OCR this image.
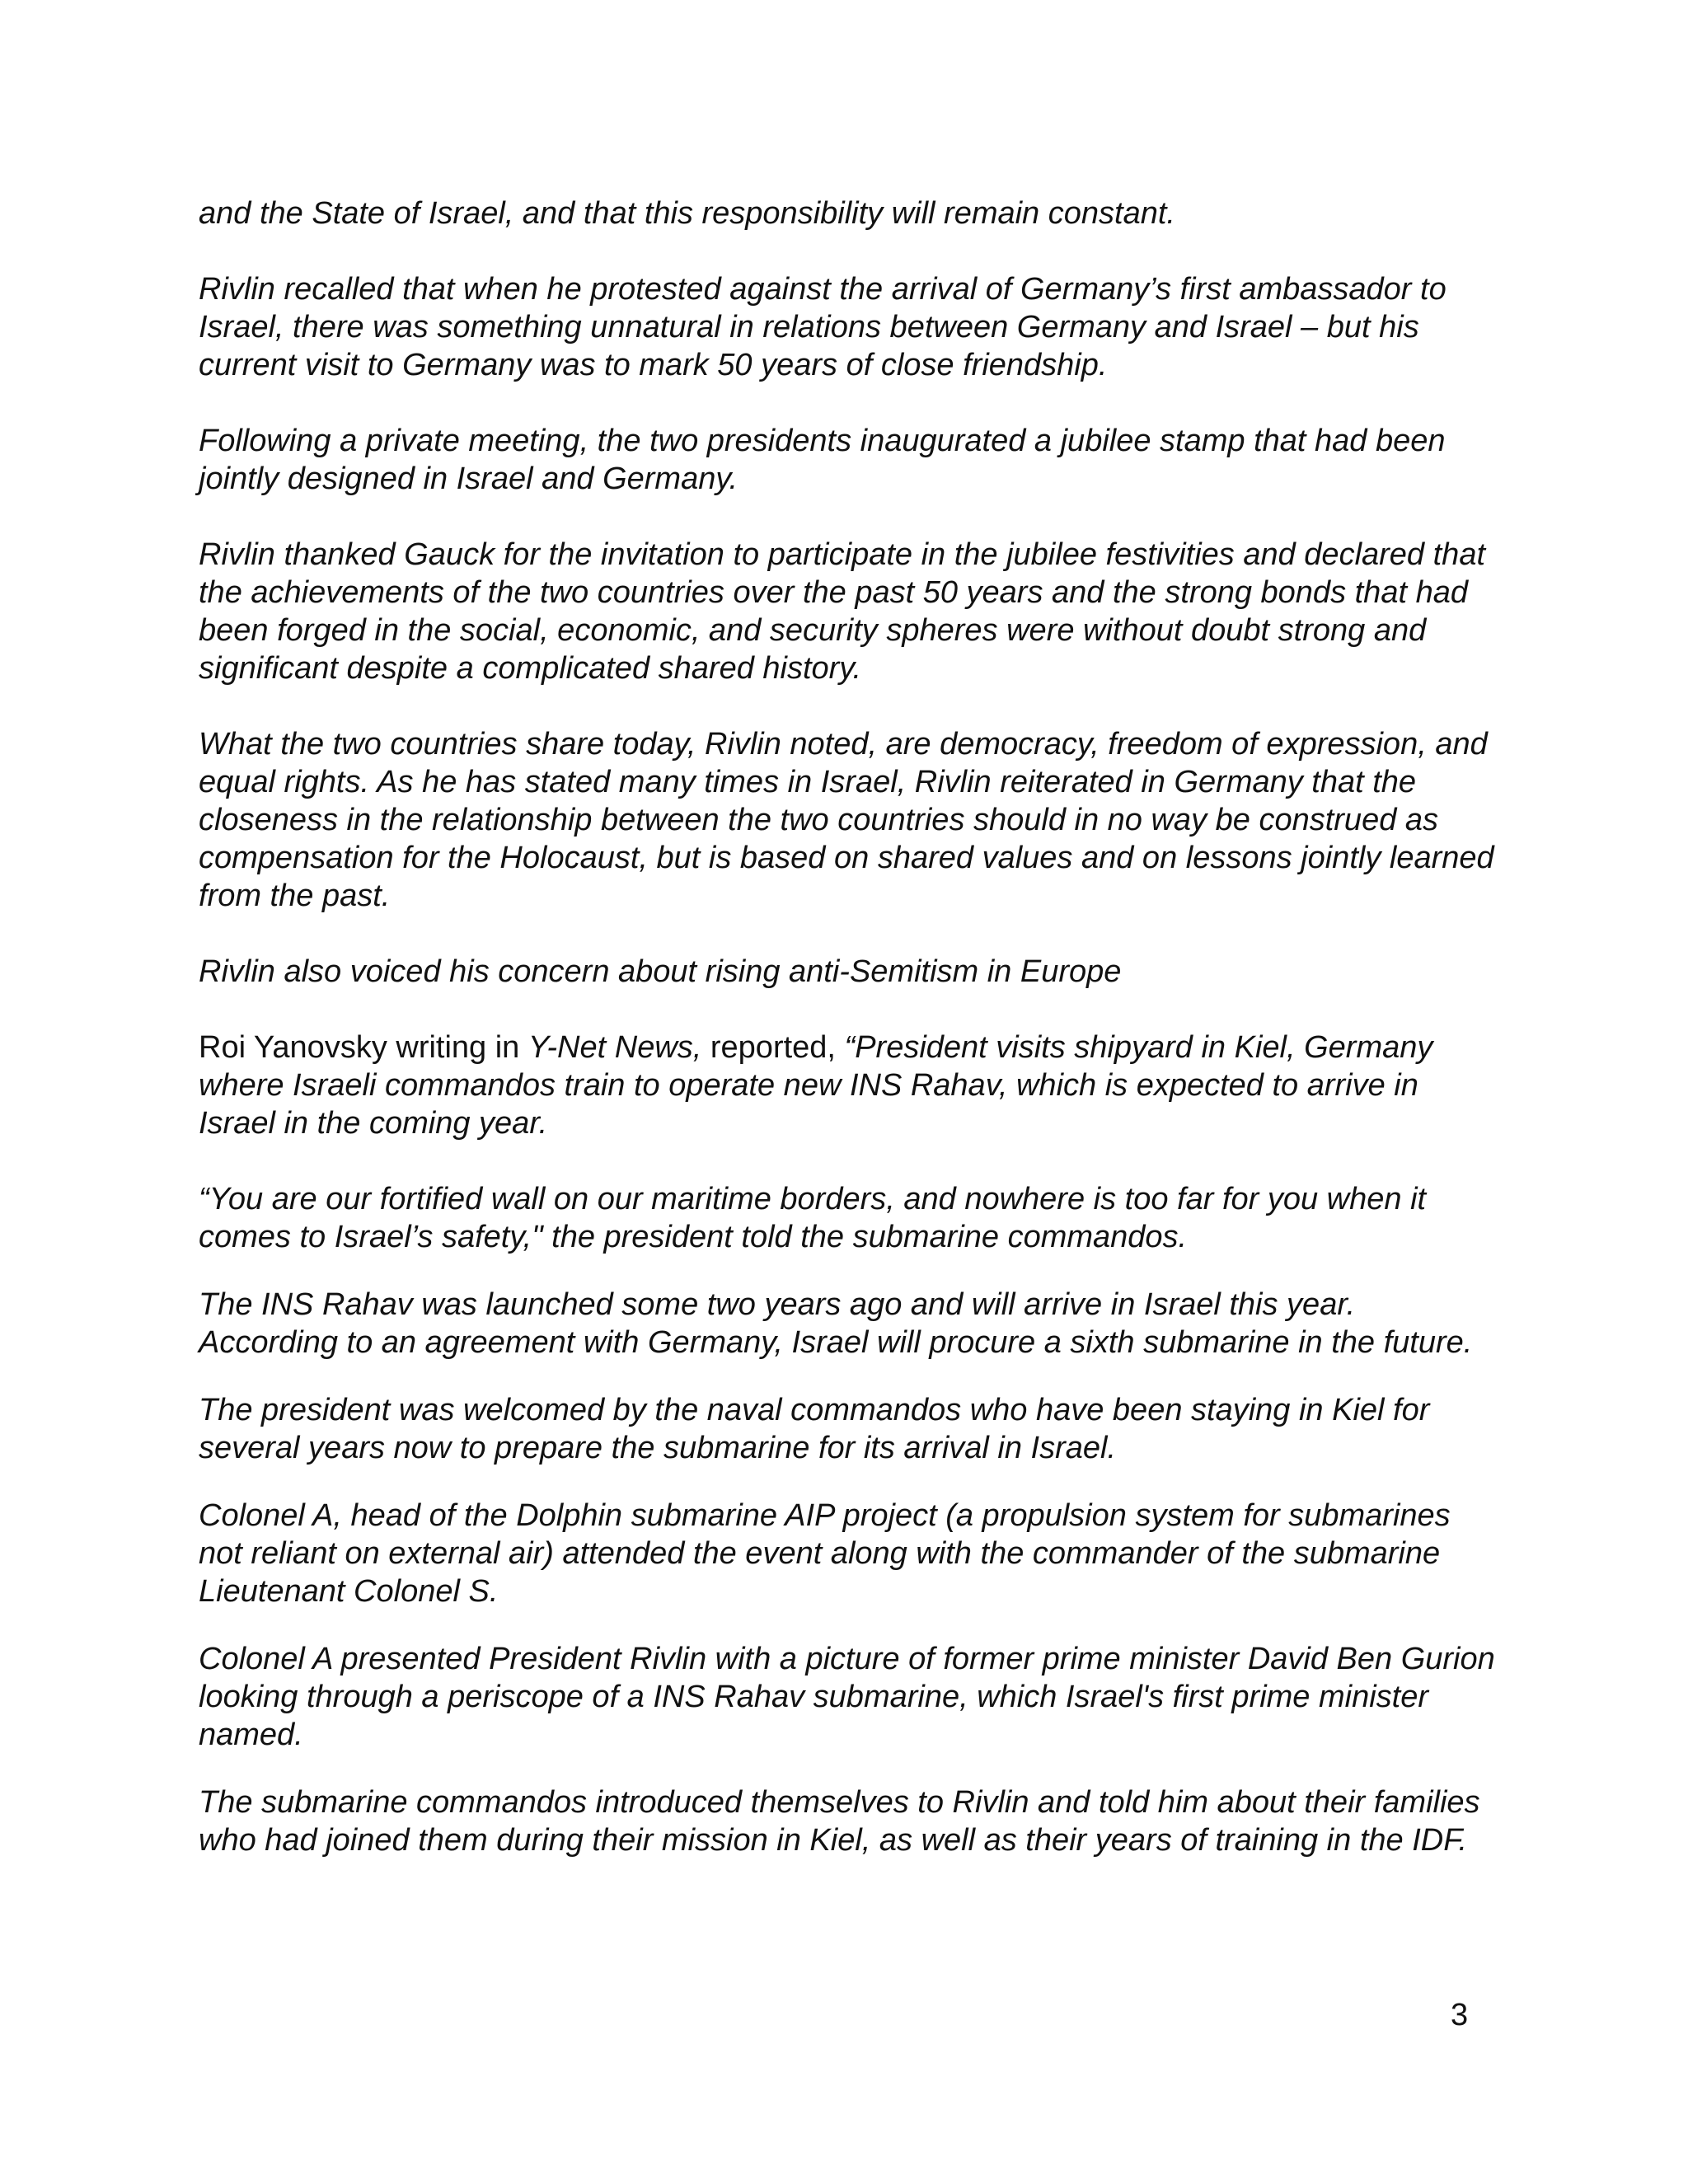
and the State of Israel, and that this responsibility will remain constant.

Rivlin recalled that when he protested against the arrival of Germany’s first ambassador to Israel, there was something unnatural in relations between Germany and Israel – but his current visit to Germany was to mark 50 years of close friendship.

Following a private meeting, the two presidents inaugurated a jubilee stamp that had been jointly designed in Israel and Germany.

Rivlin thanked Gauck for the invitation to participate in the jubilee festivities and declared that the achievements of the two countries over the past 50 years and the strong bonds that had been forged in the social, economic, and security spheres were without doubt strong and significant despite a complicated shared history.

What the two countries share today, Rivlin noted, are democracy, freedom of expression, and equal rights. As he has stated many times in Israel, Rivlin reiterated in Germany that the closeness in the relationship between the two countries should in no way be construed as compensation for the Holocaust, but is based on shared values and on lessons jointly learned from the past.

Rivlin also voiced his concern about rising anti-Semitism in Europe

Roi Yanovsky writing in Y-Net News, reported, “President visits shipyard in Kiel, Germany where Israeli commandos train to operate new INS Rahav, which is expected to arrive in Israel in the coming year.

“You are our fortified wall on our maritime borders, and nowhere is too far for you when it comes to Israel’s safety," the president told the submarine commandos.

The INS Rahav was launched some two years ago and will arrive in Israel this year. According to an agreement with Germany, Israel will procure a sixth submarine in the future.

The president was welcomed by the naval commandos who have been staying in Kiel for several years now to prepare the submarine for its arrival in Israel.

Colonel A, head of the Dolphin submarine AIP project (a propulsion system for submarines not reliant on external air) attended the event along with the commander of the submarine Lieutenant Colonel S.

Colonel A presented President Rivlin with a picture of former prime minister David Ben Gurion looking through a periscope of a INS Rahav submarine, which Israel's first prime minister named.

The submarine commandos introduced themselves to Rivlin and told him about their families who had joined them during their mission in Kiel, as well as their years of training in the IDF.

3
